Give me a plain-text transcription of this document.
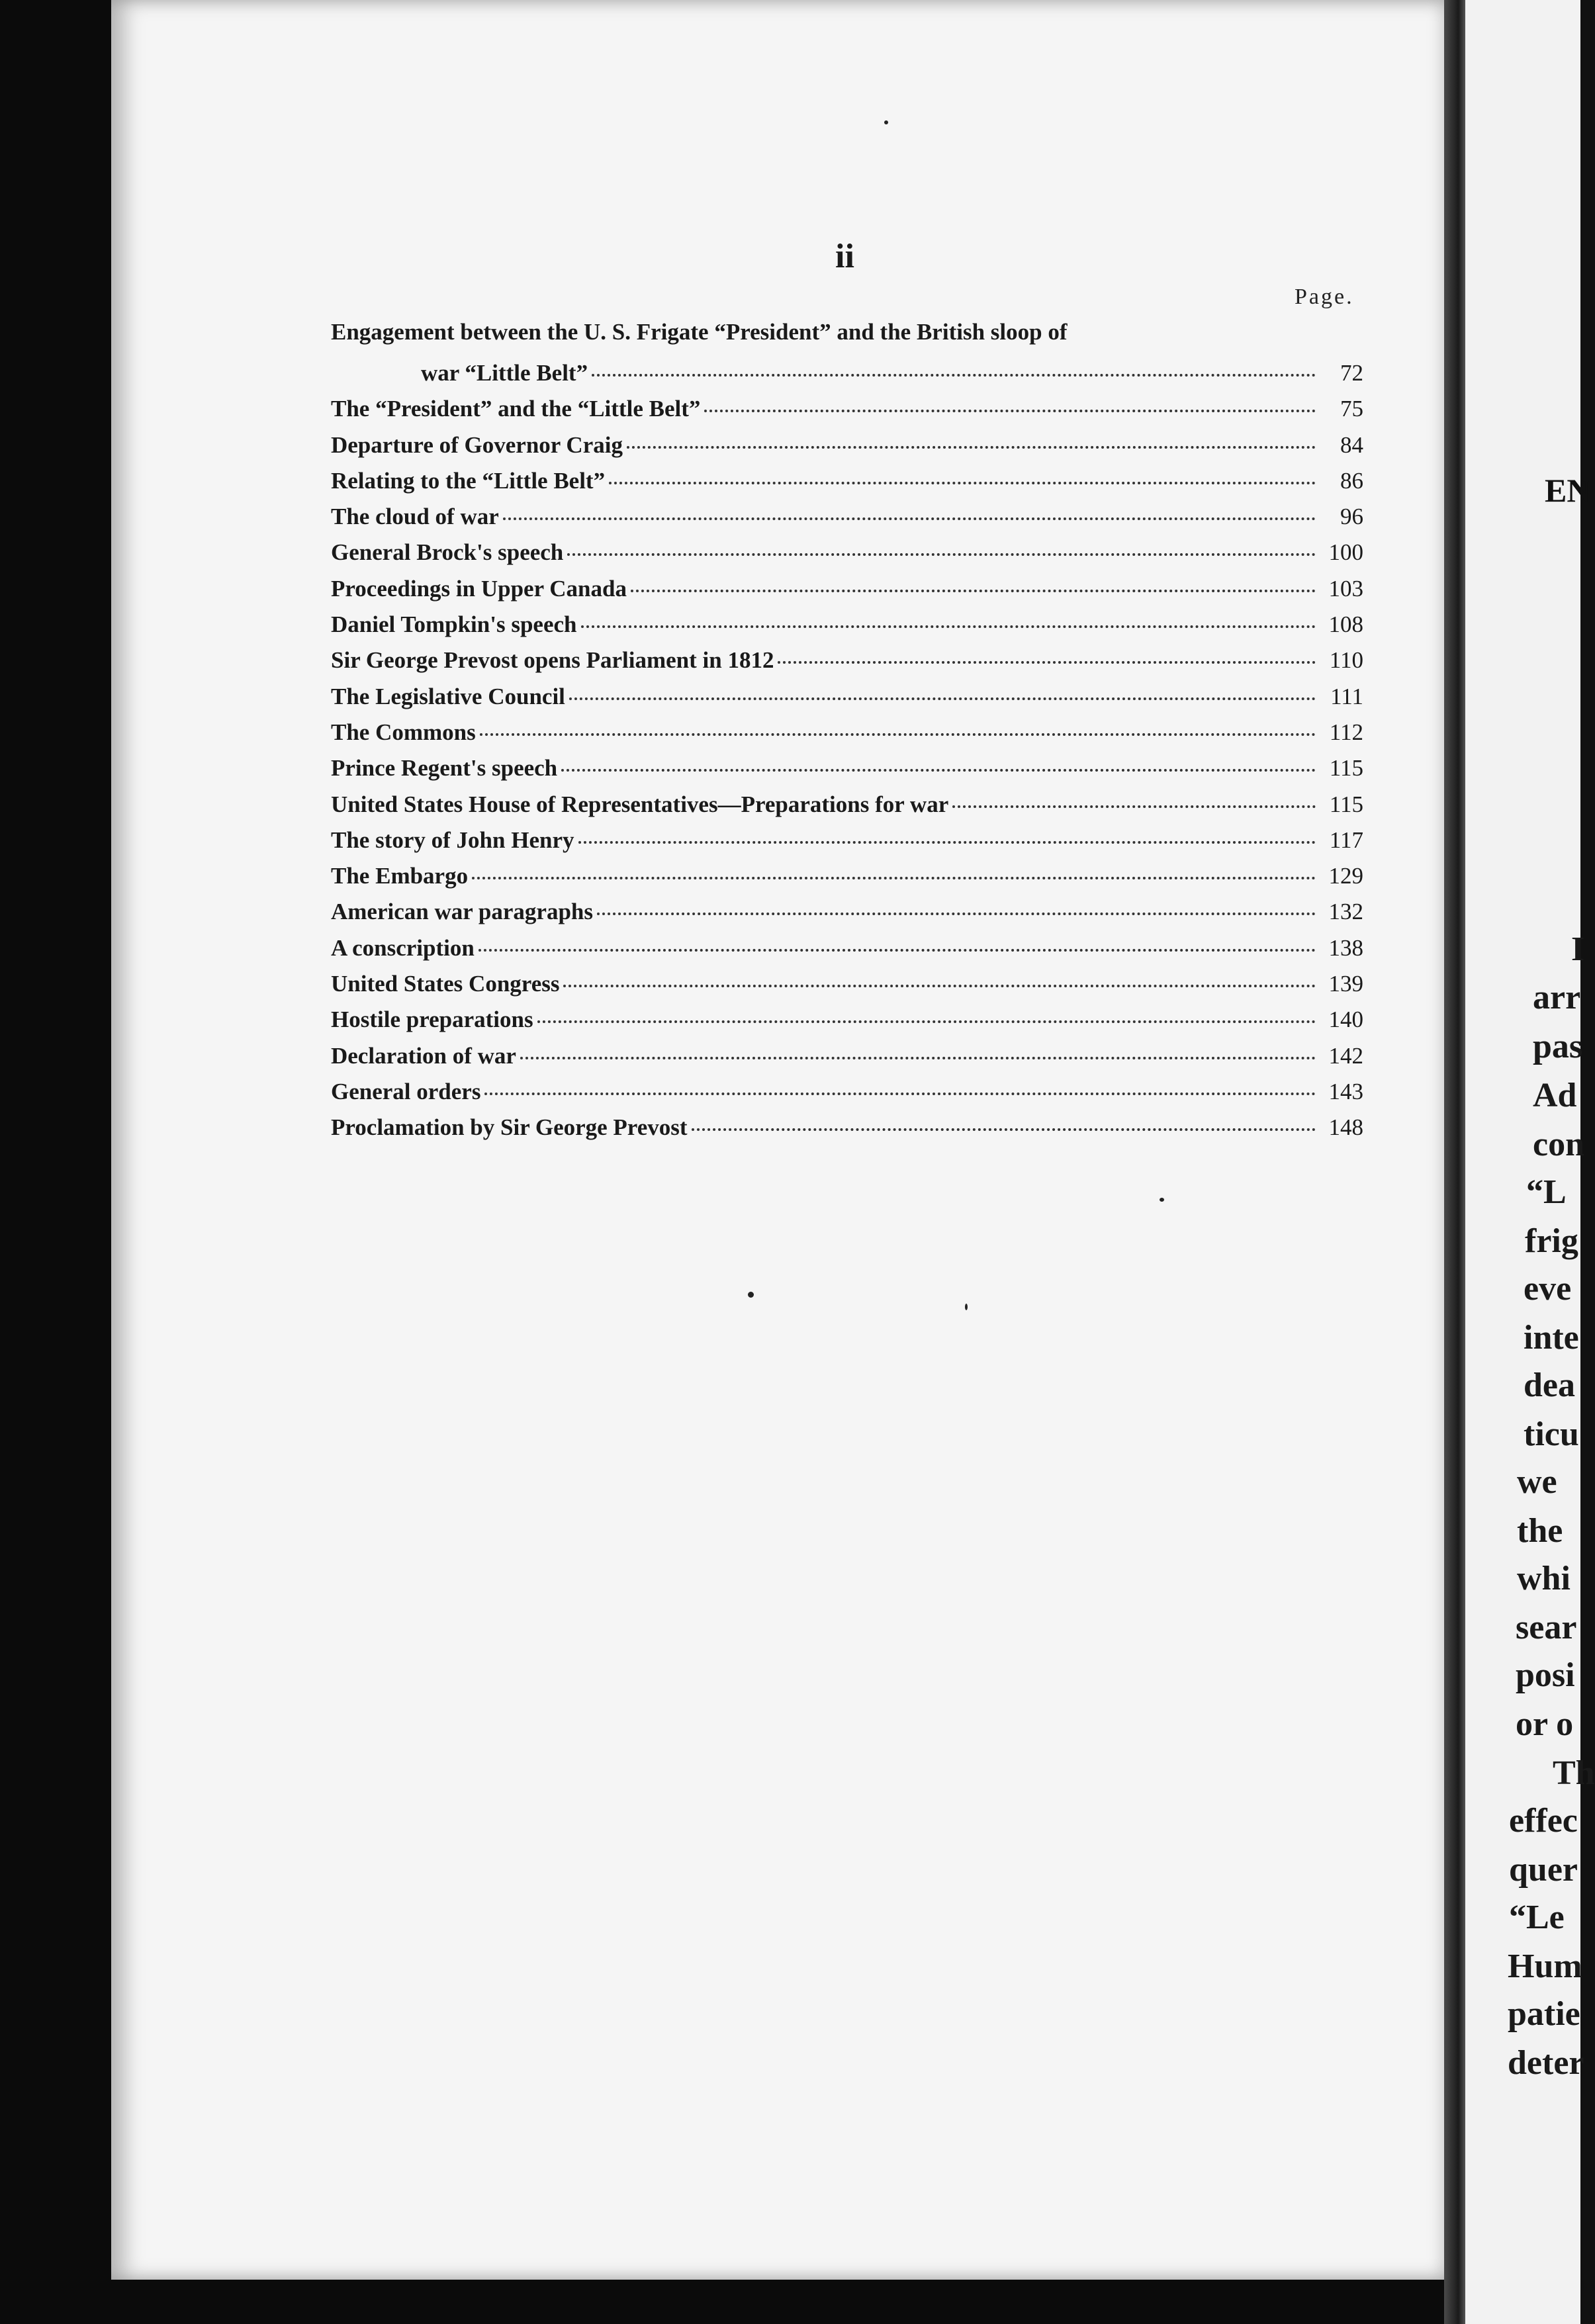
ii
Page.
Engagement between the U. S. Frigate “President” and the British sloop of
war “Little Belt”	72
The “President” and the “Little Belt”	75
Departure of Governor Craig	84
Relating to the “Little Belt”	86
The cloud of war	96
General Brock's speech	100
Proceedings in Upper Canada	103
Daniel Tompkin's speech	108
Sir George Prevost opens Parliament in 1812	110
The Legislative Council	111
The Commons	112
Prince Regent's speech	115
United States House of Representatives—Preparations for war	115
The story of John Henry	117
The Embargo	129
American war paragraphs	132
A conscription	138
United States Congress	139
Hostile preparations	140
Declaration of war	142
General orders	143
Proclamation by Sir George Prevost	148
EN
I
arr
pas
Ad
con
“L
frig
eve
inte
dea
ticu
we
the
whi
sear
posi
or o
Th
effec
quer
“Le
Hum
patie
deter
